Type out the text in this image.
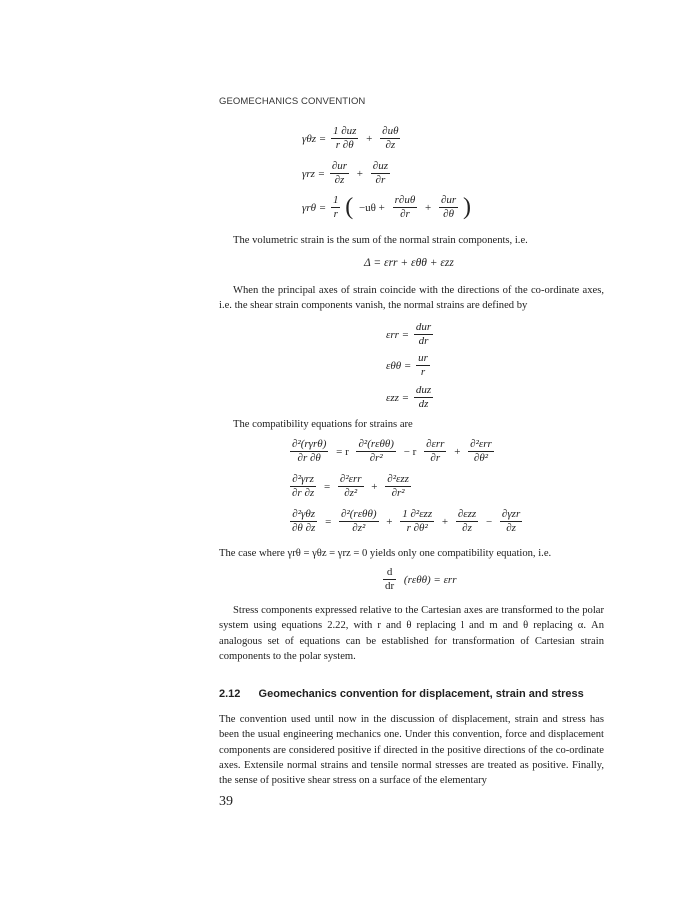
GEOMECHANICS CONVENTION
$\gamma\theta z = \frac{1 \partial uz}{r \partial\theta} + \frac{\partial u\theta}{\partial z}$
$\gamma rz = \frac{\partial ur}{\partial z} + \frac{\partial uz}{\partial r}$
$\gamma r\theta = \frac{1}{r}$ ( $-u\theta + \frac{r\partial u\theta}{\partial r} + \frac{\partial ur}{\partial\theta}$ )
The volumetric strain is the sum of the normal strain components, i.e.
Δ = εrr + εθθ + εzz
When the principal axes of strain coincide with the directions of the co-ordinate axes, i.e. the shear strain components vanish, the normal strains are defined by
$\varepsilon rr = \frac{\text{dur}}{dr}$
$\varepsilon\theta\theta = \frac{ur}{r}$
$\varepsilon zz = \frac{\text{duz}}{dz}$
The compatibility equations for strains are
$\frac{\text{∂²(rγrθ)}}{\partial r \partial\theta} = r \frac{\text{∂²(rεθθ)}}{\text{∂r²}} - r \frac{\text{∂εrr}}{\partial r} + \frac{\text{∂²εrr}}{\text{∂θ²}}$
$\frac{\text{∂²γrz}}{\partial r \partial z} = \frac{\text{∂²εrr}}{\text{∂z²}} + \frac{\text{∂²εzz}}{\text{∂r²}}$
$\frac{\text{∂²γθz}}{\partial\theta \partial z} = \frac{\text{∂²(rεθθ)}}{\text{∂z²}} + \frac{\text{1 ∂²εzz}}{\text{r ∂θ²}} + \frac{\text{∂εzz}}{\partial z} - \frac{\text{∂γzr}}{\partial z}$
The case where γrθ = γθz = γrz = 0 yields only one compatibility equation, i.e.
$\frac{d}{dr} (r\varepsilon\theta\theta) = \varepsilon rr$
Stress components expressed relative to the Cartesian axes are transformed to the polar system using equations 2.22, with r and θ replacing l and m and θ replacing α. An analogous set of equations can be established for transformation of Cartesian strain components to the polar system.
2.12 Geomechanics convention for displacement, strain and stress
The convention used until now in the discussion of displacement, strain and stress has been the usual engineering mechanics one. Under this convention, force and displacement components are considered positive if directed in the positive directions of the co-ordinate axes. Extensile normal strains and tensile normal stresses are treated as positive. Finally, the sense of positive shear stress on a surface of the elementary
39
